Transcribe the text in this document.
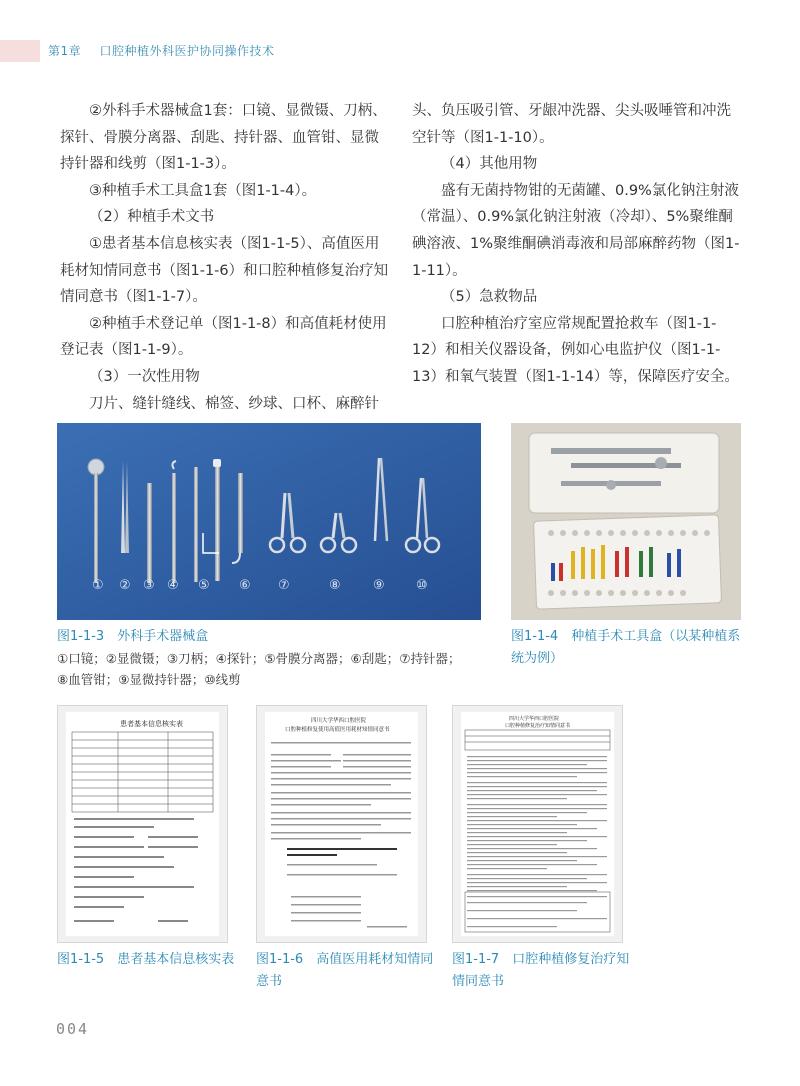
第1章 口腔种植外科医护协同操作技术

②外科手术器械盒1套：口镜、显微镊、刀柄、探针、骨膜分离器、刮匙、持针器、血管钳、显微持针器和线剪（图1-1-3）。

③种植手术工具盒1套（图1-1-4）。

（2）种植手术文书

①患者基本信息核实表（图1-1-5）、高值医用耗材知情同意书（图1-1-6）和口腔种植修复治疗知情同意书（图1-1-7）。

②种植手术登记单（图1-1-8）和高值耗材使用登记表（图1-1-9）。

（3）一次性用物

刀片、缝针缝线、棉签、纱球、口杯、麻醉针

头、负压吸引管、牙龈冲洗器、尖头吸唾管和冲洗空针等（图1-1-10）。

（4）其他用物

盛有无菌持物钳的无菌罐、0.9%氯化钠注射液（常温）、0.9%氯化钠注射液（冷却）、5%聚维酮碘溶液、1%聚维酮碘消毒液和局部麻醉药物（图1-1-11）。

（5）急救物品

口腔种植治疗室应常规配置抢救车（图1-1-12）和相关仪器设备，例如心电监护仪（图1-1-13）和氧气装置（图1-1-14）等，保障医疗安全。

① ② ③ ④ ⑤ ⑥ ⑦	⑧ ⑨ ⑩
图1-1-3　外科手术器械盒
①口镜；②显微镊；③刀柄；④探针；⑤骨膜分离器；⑥刮匙；⑦持针器；⑧血管钳；⑨显微持针器；⑩线剪
图1-1-4　种植手术工具盒（以某种植系统为例）
患者基本信息核实表
图1-1-5　患者基本信息核实表
四川大学华西口腔医院
口腔种植修复使用高值医用耗材知情同意书
图1-1-6　高值医用耗材知情同意书
四川大学华西口腔医院
口腔种植修复治疗知情同意书
图1-1-7　口腔种植修复治疗知情同意书
004
